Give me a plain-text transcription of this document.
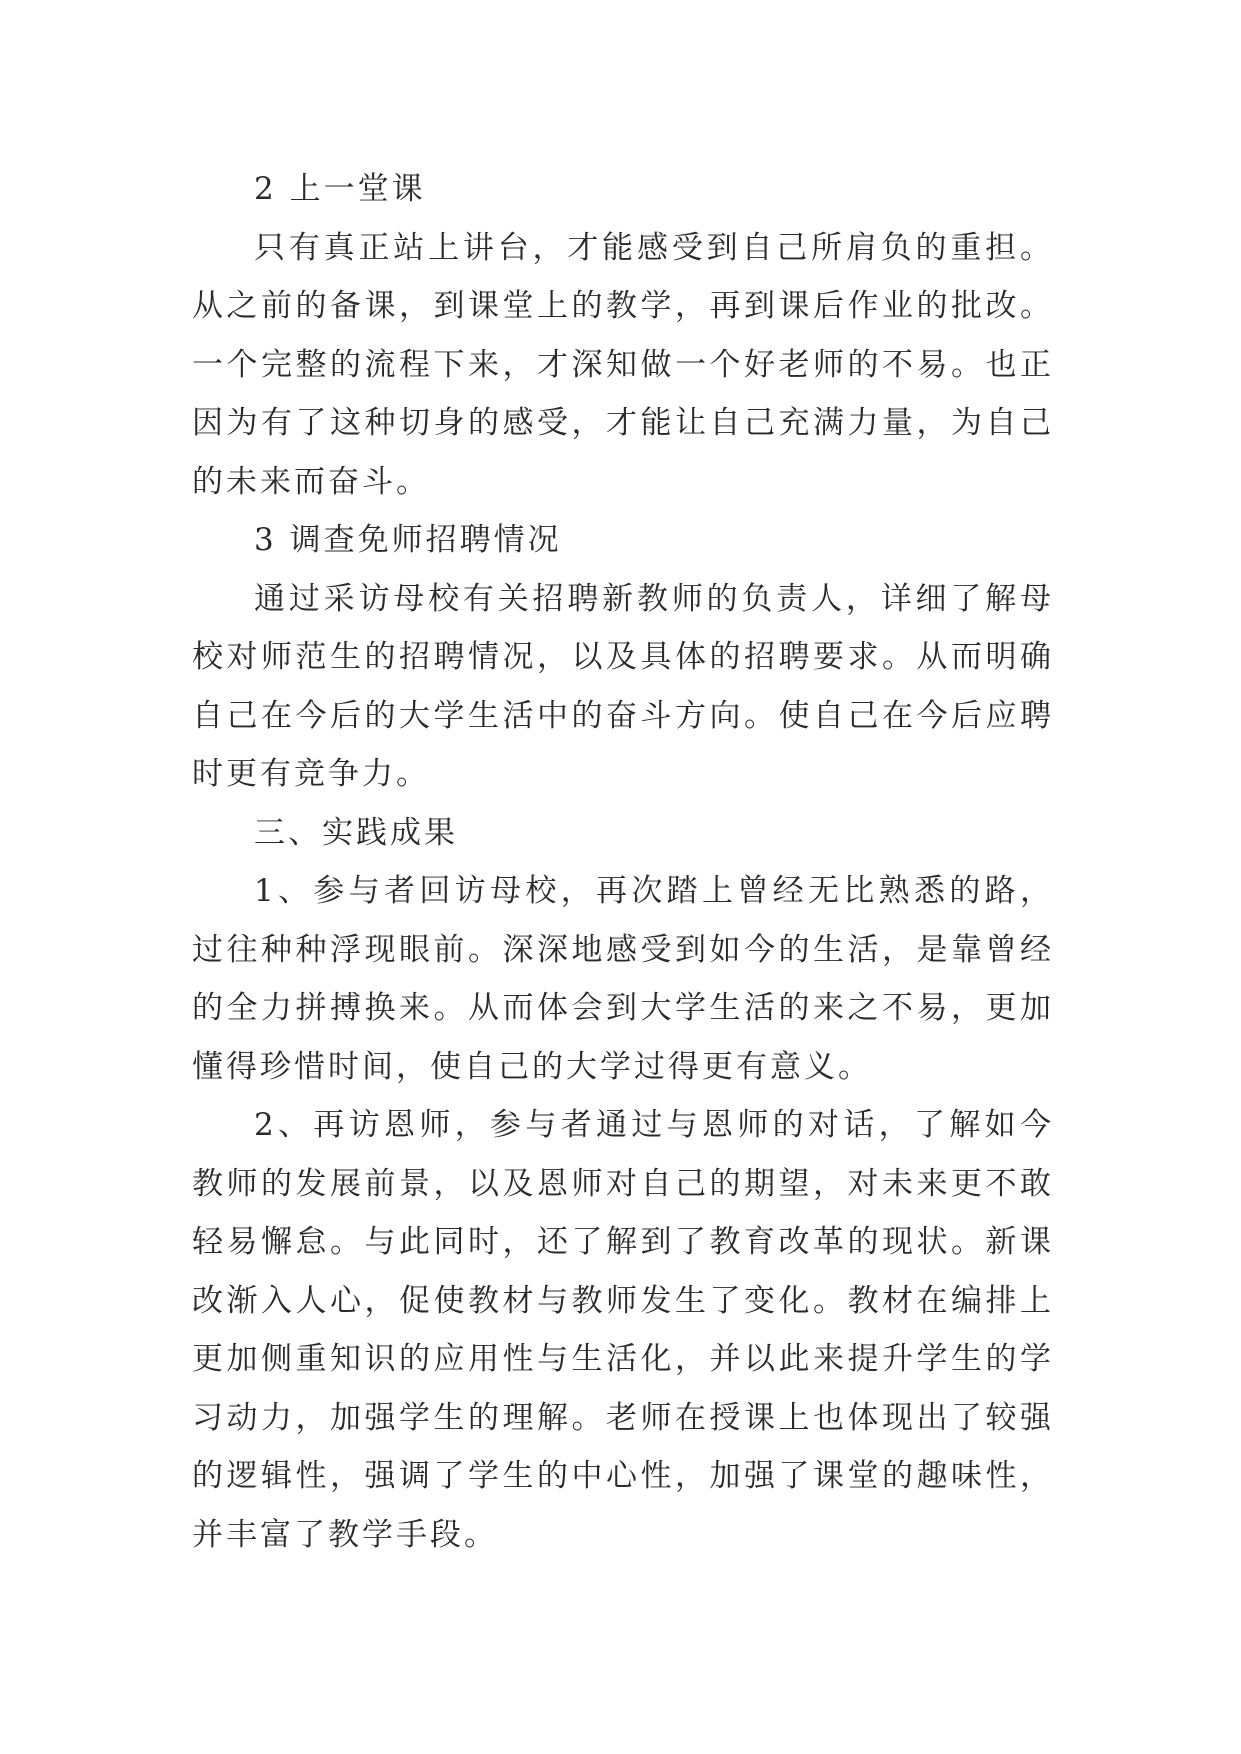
2 上一堂课

只有真正站上讲台，才能感受到自己所肩负的重担。从之前的备课，到课堂上的教学，再到课后作业的批改。一个完整的流程下来，才深知做一个好老师的不易。也正因为有了这种切身的感受，才能让自己充满力量，为自己的未来而奋斗。

3 调查免师招聘情况

通过采访母校有关招聘新教师的负责人，详细了解母校对师范生的招聘情况，以及具体的招聘要求。从而明确自己在今后的大学生活中的奋斗方向。使自己在今后应聘时更有竞争力。

三、实践成果

1、参与者回访母校，再次踏上曾经无比熟悉的路，过往种种浮现眼前。深深地感受到如今的生活，是靠曾经的全力拼搏换来。从而体会到大学生活的来之不易，更加懂得珍惜时间，使自己的大学过得更有意义。

2、再访恩师，参与者通过与恩师的对话，了解如今教师的发展前景，以及恩师对自己的期望，对未来更不敢轻易懈怠。与此同时，还了解到了教育改革的现状。新课改渐入人心，促使教材与教师发生了变化。教材在编排上更加侧重知识的应用性与生活化，并以此来提升学生的学习动力，加强学生的理解。老师在授课上也体现出了较强的逻辑性，强调了学生的中心性，加强了课堂的趣味性，并丰富了教学手段。
